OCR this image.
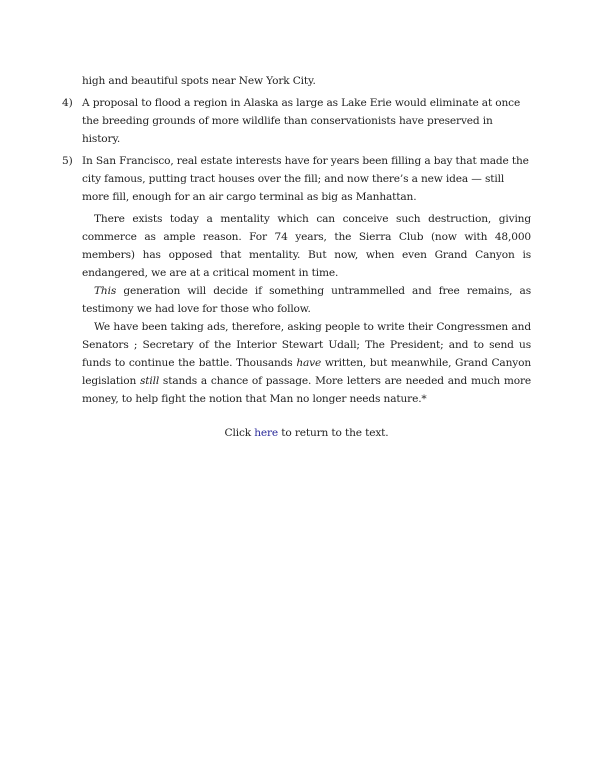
high and beautiful spots near New York City.

4) A proposal to flood a region in Alaska as large as Lake Erie would eliminate at once the breeding grounds of more wildlife than conservationists have preserved in history.
5) In San Francisco, real estate interests have for years been filling a bay that made the city famous, putting tract houses over the fill; and now there’s a new idea — still more fill, enough for an air cargo terminal as big as Manhattan.

There exists today a mentality which can conceive such destruction, giving commerce as ample reason. For 74 years, the Sierra Club (now with 48,000 members) has opposed that mentality. But now, when even Grand Canyon is endangered, we are at a critical moment in time.

This generation will decide if something untrammelled and free remains, as testimony we had love for those who follow.

We have been taking ads, therefore, asking people to write their Congressmen and Senators ; Secretary of the Interior Stewart Udall; The President; and to send us funds to continue the battle. Thousands have written, but meanwhile, Grand Canyon legislation still stands a chance of passage. More letters are needed and much more money, to help fight the notion that Man no longer needs nature.*

Click here to return to the text.
